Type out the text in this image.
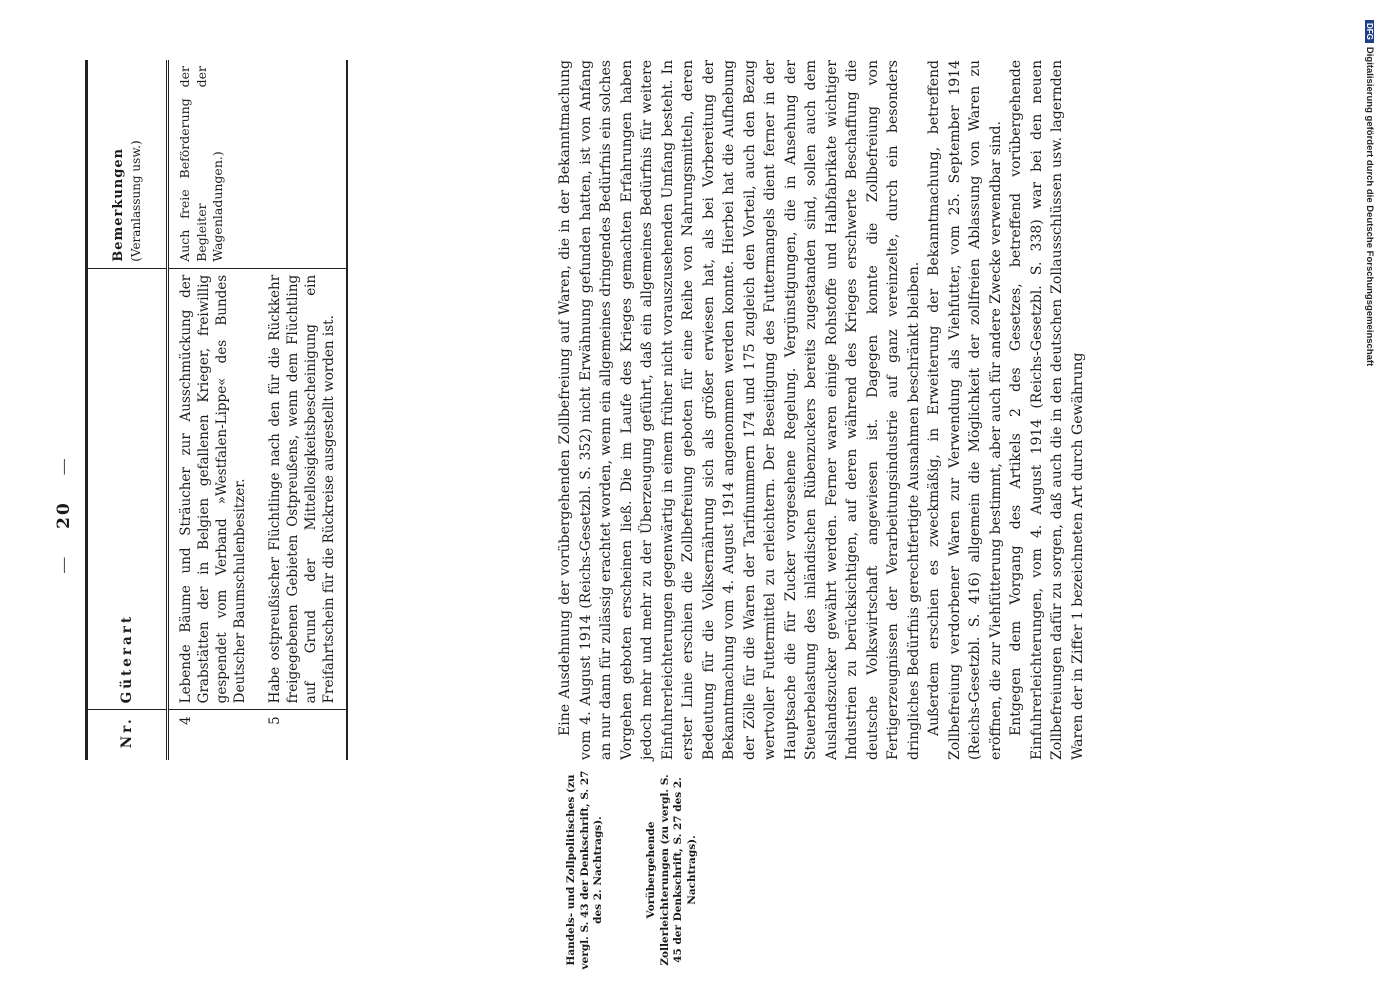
— 20 —
Nr.	Güterart	Bemerkungen (Veranlassung usw.)

4	Lebende Bäume und Sträucher zur Ausschmückung der Grabstätten der in Belgien gefallenen Krieger, freiwillig gespendet vom Verband »Westfalen-Lippe« des Bundes Deutscher Baumschulenbesitzer.	Auch freie Beförderung der Begleiter der Wagenladungen.)
5	Habe ostpreußischer Flüchtlinge nach den für die Rückkehr freigegebenen Gebieten Ostpreußens, wenn dem Flüchtling auf Grund der Mittellosigkeitsbescheinigung ein Freifahrtschein für die Rückreise ausgestellt worden ist.	
Handels- und Zollpolitisches (zu vergl. S. 43 der Denkschrift, S. 27 des 2. Nachtrags).	Vorübergehende Zollerleichterungen (zu vergl. S. 45 der Denkschrift, S. 27 des 2. Nachtrags).

Eine Ausdehnung der vorübergehenden Zollbefreiung auf Waren, die in der Bekanntmachung vom 4. August 1914 (Reichs-Gesetzbl. S. 352) nicht Erwähnung gefunden hatten, ist von Anfang an nur dann für zulässig erachtet worden, wenn ein allgemeines dringendes Bedürfnis ein solches Vorgehen geboten erscheinen ließ. Die im Laufe des Krieges gemachten Erfahrungen haben jedoch mehr und mehr zu der Überzeugung geführt, daß ein allgemeines Bedürfnis für weitere Einfuhrerleichterungen gegenwärtig in einem früher nicht vorauszusehenden Umfang besteht. In erster Linie erschien die Zollbefreiung geboten für eine Reihe von Nahrungsmitteln, deren Bedeutung für die Volksernährung sich als größer erwiesen hat, als bei Vorbereitung der Bekanntmachung vom 4. August 1914 angenommen werden konnte. Hierbei hat die Aufhebung der Zölle für die Waren der Tarifnummern 174 und 175 zugleich den Vorteil, auch den Bezug wertvoller Futtermittel zu erleichtern. Der Beseitigung des Futtermangels dient ferner in der Hauptsache die für Zucker vorgesehene Regelung. Vergünstigungen, die in Ansehung der Steuerbelastung des inländischen Rübenzuckers bereits zugestanden sind, sollen auch dem Auslandszucker gewährt werden. Ferner waren einige Rohstoffe und Halbfabrikate wichtiger Industrien zu berücksichtigen, auf deren während des Krieges erschwerte Beschaffung die deutsche Volkswirtschaft angewiesen ist. Dagegen konnte die Zollbefreiung von Fertigerzeugnissen der Verarbeitungsindustrie auf ganz vereinzelte, durch ein besonders dringliches Bedürfnis gerechtfertigte Ausnahmen beschränkt bleiben. Außerdem erschien es zweckmäßig, in Erweiterung der Bekanntmachung, betreffend Zollbefreiung verdorbener Waren zur Verwendung als Viehfutter, vom 25. September 1914 (Reichs-Gesetzbl. S. 416) allgemein die Möglichkeit der zollfreien Ablassung von Waren zu eröffnen, die zur Viehfütterung bestimmt, aber auch für andere Zwecke verwendbar sind. Entgegen dem Vorgang des Artikels 2 des Gesetzes, betreffend vorübergehende Einfuhrerleichterungen, vom 4. August 1914 (Reichs-Gesetzbl. S. 338) war bei den neuen Zollbefreiungen dafür zu sorgen, daß auch die in den deutschen Zollausschlüssen usw. lagernden Waren der in Ziffer 1 bezeichneten Art durch Gewährung

DFGDigitalisierung gefördert durch die Deutsche Forschungsgemeinschaft
